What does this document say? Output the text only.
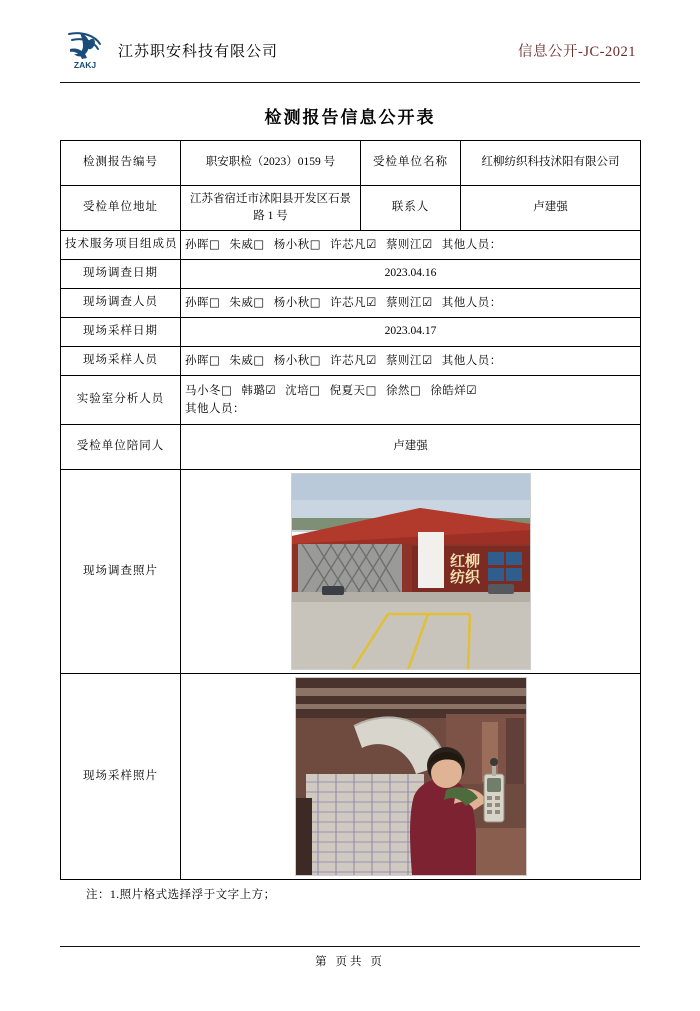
ZAKJ
江苏职安科技有限公司	信息公开-JC-2021
检测报告信息公开表
检测报告编号	职安职检（2023）0159 号	受检单位名称	红柳纺织科技沭阳有限公司
受检单位地址	江苏省宿迁市沭阳县开发区石景路 1 号	联系人	卢建强
技术服务项目组成员	孙晖□ 朱威□ 杨小秋□ 许芯凡☑ 蔡则江☑ 其他人员：		

现场调查日期	2023.04.16		
现场调查人员	孙晖□ 朱威□ 杨小秋□ 许芯凡☑ 蔡则江☑ 其他人员：		

现场采样日期	2023.04.17		
现场采样人员	孙晖□ 朱威□ 杨小秋□ 许芯凡☑ 蔡则江☑ 其他人员：		

实验室分析人员	马小冬□ 韩璐☑ 沈培□ 倪夏天□ 徐然□ 徐皓烊☑
其他人员：		

受检单位陪同人	卢建强		
现场调查照片	红柳
纺织		

现场采样照片	
注：1.照片格式选择浮于文字上方；
第 页共 页
